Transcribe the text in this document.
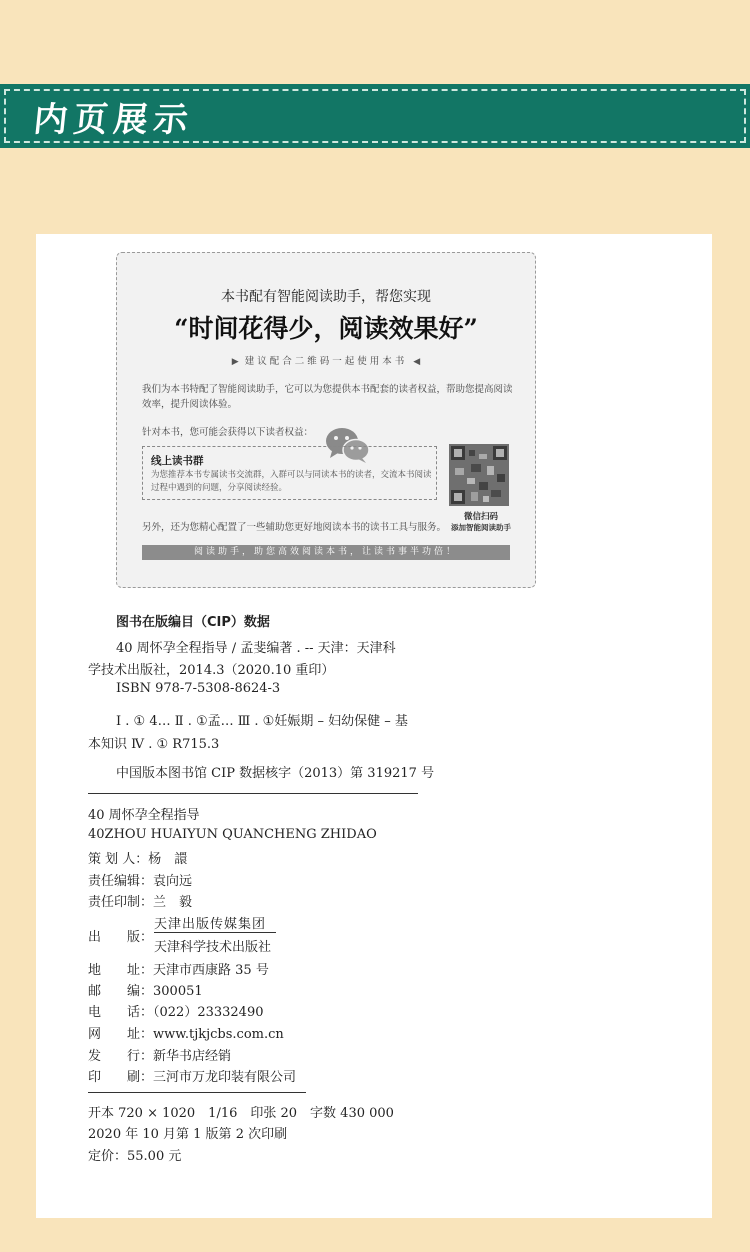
内页展示
本书配有智能阅读助手，帮您实现
“时间花得少，阅读效果好”
▶ 建议配合二维码一起使用本书 ◀
我们为本书特配了智能阅读助手，它可以为您提供本书配套的读者权益，帮助您提高阅读效率，提升阅读体验。
针对本书，您可能会获得以下读者权益：
线上读书群
为您推荐本书专属读书交流群，入群可以与同读本书的读者，交流本书阅读过程中遇到的问题，分享阅读经验。
微信扫码
添加智能阅读助手
另外，还为您精心配置了一些辅助您更好地阅读本书的读书工具与服务。
阅读助手，助您高效阅读本书，让读书事半功倍！
图书在版编目（CIP）数据
40 周怀孕全程指导 / 孟斐编著 . -- 天津：天津科
学技术出版社，2014.3（2020.10 重印）
ISBN 978-7-5308-8624-3
Ⅰ . ① 4… Ⅱ . ①孟… Ⅲ . ①妊娠期 – 妇幼保健 – 基
本知识 Ⅳ . ① R715.3
中国版本图书馆 CIP 数据核字（2013）第 319217 号
40 周怀孕全程指导
40ZHOU HUAIYUN QUANCHENG ZHIDAO
策 划 人：杨　譞
责任编辑：袁向远
责任印制：兰　毅
出　　版：
天津出版传媒集团
天津科学技术出版社
地　　址：天津市西康路 35 号
邮　　编：300051
电　　话：（022）23332490
网　　址：www.tjkjcbs.com.cn
发　　行：新华书店经销
印　　刷：三河市万龙印装有限公司
开本 720 × 1020　1/16　印张 20　字数 430 000
2020 年 10 月第 1 版第 2 次印刷
定价：55.00 元
